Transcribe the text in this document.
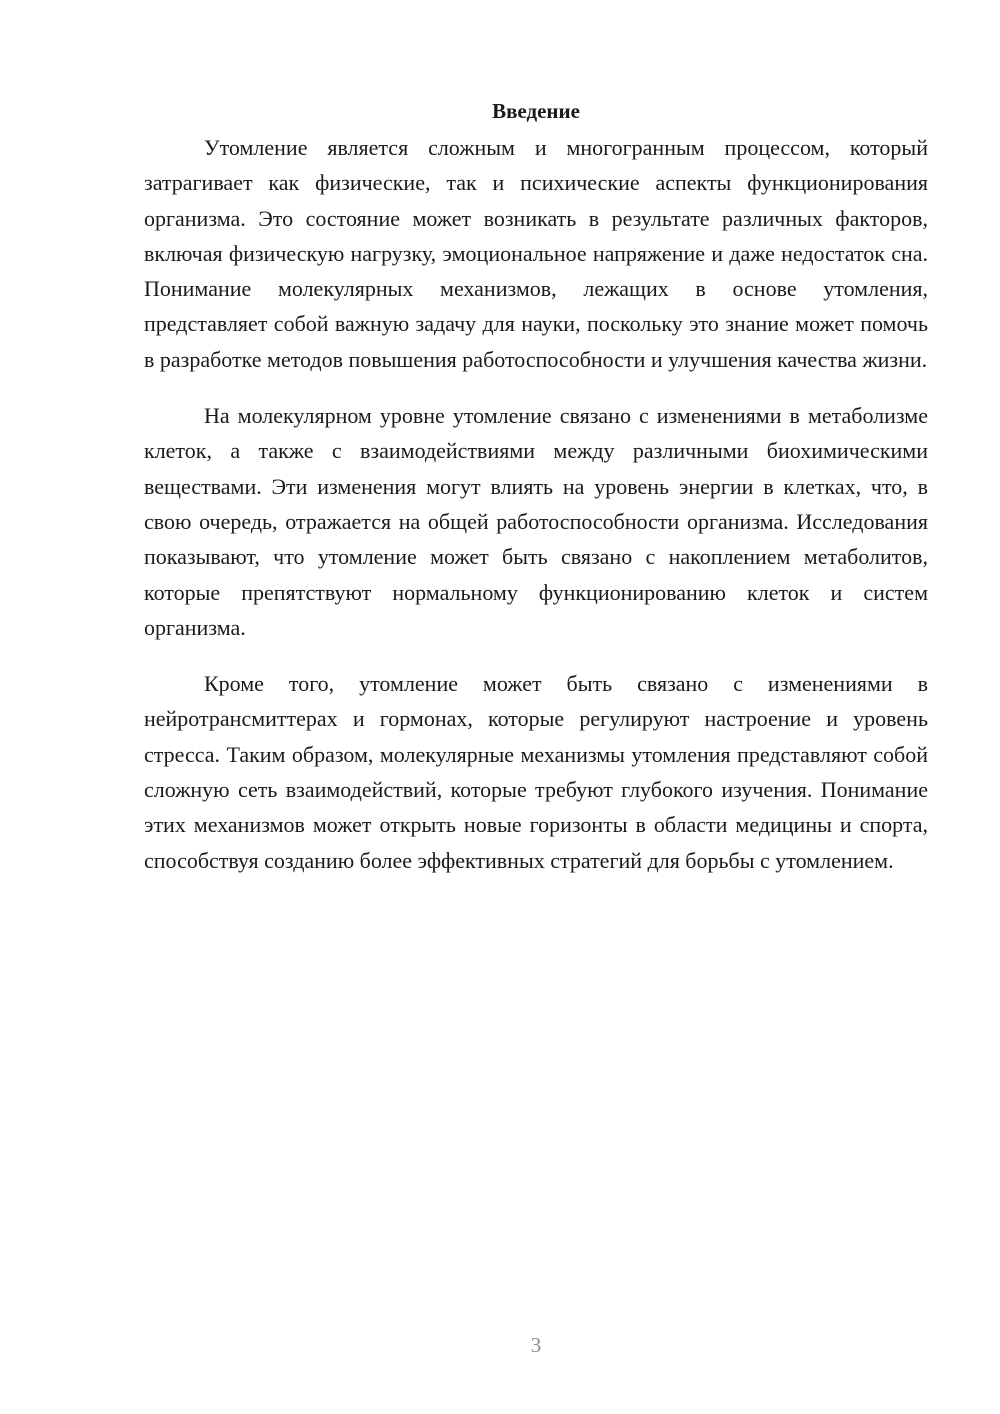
Введение

Утомление является сложным и многогранным процессом, который затрагивает как физические, так и психические аспекты функционирования организма. Это состояние может возникать в результате различных факторов, включая физическую нагрузку, эмоциональное напряжение и даже недостаток сна. Понимание молекулярных механизмов, лежащих в основе утомления, представляет собой важную задачу для науки, поскольку это знание может помочь в разработке методов повышения работоспособности и улучшения качества жизни.

На молекулярном уровне утомление связано с изменениями в метаболизме клеток, а также с взаимодействиями между различными биохимическими веществами. Эти изменения могут влиять на уровень энергии в клетках, что, в свою очередь, отражается на общей работоспособности организма. Исследования показывают, что утомление может быть связано с накоплением метаболитов, которые препятствуют нормальному функционированию клеток и систем организма.

Кроме того, утомление может быть связано с изменениями в нейротрансмиттерах и гормонах, которые регулируют настроение и уровень стресса. Таким образом, молекулярные механизмы утомления представляют собой сложную сеть взаимодействий, которые требуют глубокого изучения. Понимание этих механизмов может открыть новые горизонты в области медицины и спорта, способствуя созданию более эффективных стратегий для борьбы с утомлением.

3
